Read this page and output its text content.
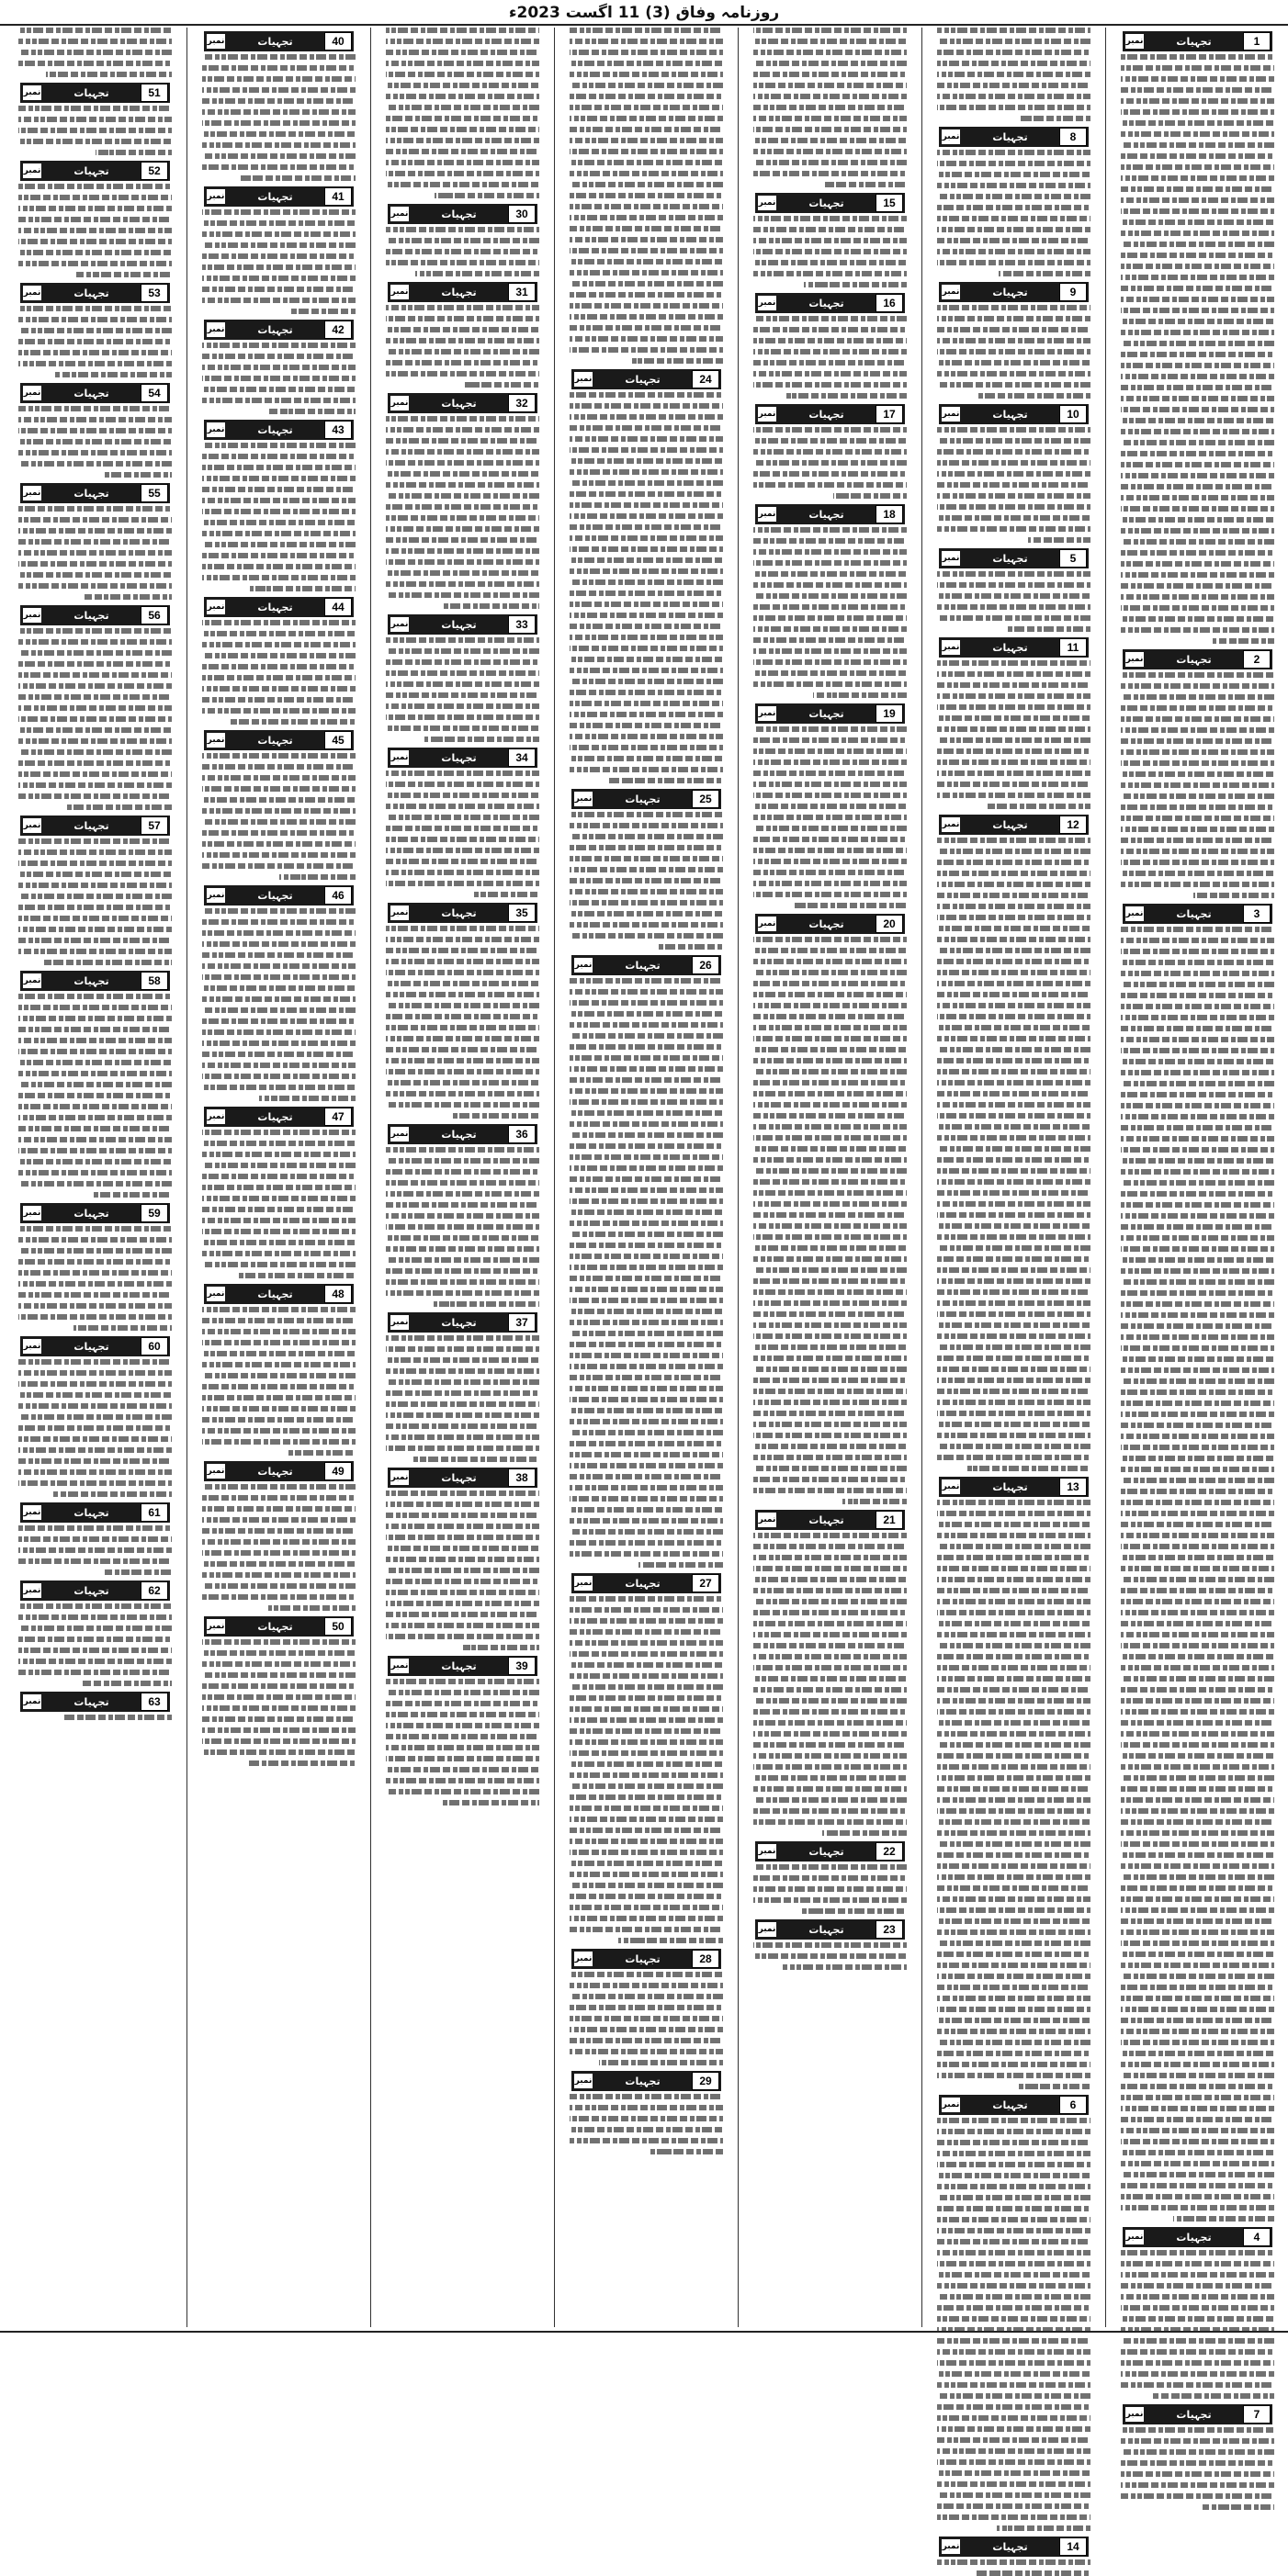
روزنامہ وفاق (3) 11 اگست 2023ء
1
تجہیات
نمبر
2
تجہیات
نمبر
3
تجہیات
نمبر
4
تجہیات
نمبر
7
تجہیات
نمبر
8
تجہیات
نمبر
9
تجہیات
نمبر
10
تجہیات
نمبر
5
تجہیات
نمبر
11
تجہیات
نمبر
12
تجہیات
نمبر
13
تجہیات
نمبر
6
تجہیات
نمبر
14
تجہیات
نمبر
15
تجہیات
نمبر
16
تجہیات
نمبر
17
تجہیات
نمبر
18
تجہیات
نمبر
19
تجہیات
نمبر
20
تجہیات
نمبر
21
تجہیات
نمبر
22
تجہیات
نمبر
23
تجہیات
نمبر
24
تجہیات
نمبر
25
تجہیات
نمبر
26
تجہیات
نمبر
27
تجہیات
نمبر
28
تجہیات
نمبر
29
تجہیات
نمبر
30
تجہیات
نمبر
31
تجہیات
نمبر
32
تجہیات
نمبر
33
تجہیات
نمبر
34
تجہیات
نمبر
35
تجہیات
نمبر
36
تجہیات
نمبر
37
تجہیات
نمبر
38
تجہیات
نمبر
39
تجہیات
نمبر
40
تجہیات
نمبر
41
تجہیات
نمبر
42
تجہیات
نمبر
43
تجہیات
نمبر
44
تجہیات
نمبر
45
تجہیات
نمبر
46
تجہیات
نمبر
47
تجہیات
نمبر
48
تجہیات
نمبر
49
تجہیات
نمبر
50
تجہیات
نمبر
51
تجہیات
نمبر
52
تجہیات
نمبر
53
تجہیات
نمبر
54
تجہیات
نمبر
55
تجہیات
نمبر
56
تجہیات
نمبر
57
تجہیات
نمبر
58
تجہیات
نمبر
59
تجہیات
نمبر
60
تجہیات
نمبر
61
تجہیات
نمبر
62
تجہیات
نمبر
63
تجہیات
نمبر
